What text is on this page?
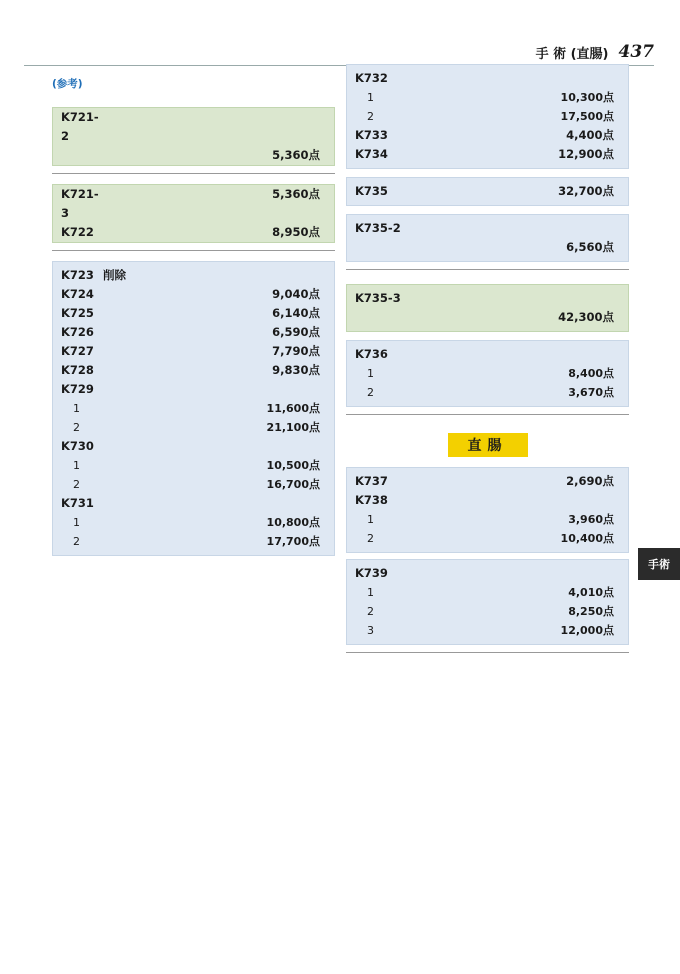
手 術 (直腸) 437
手術
(参考)
K721-2
5,360点
K721-3
5,360点
K722	8,950点
K723 削除
K724	9,040点
K725	6,140点
K726	6,590点
K727	7,790点
K728	9,830点
K729
1	11,600点
2	21,100点
K730
1	10,500点
2	16,700点
K731
1	10,800点
2	17,700点
K732
1	10,300点
2	17,500点
K733	4,400点
K734	12,900点
K735	32,700点
K735-2
6,560点
K735-3
42,300点
K736
1	8,400点
2	3,670点
直腸
K737	2,690点
K738
1	3,960点
2	10,400点
K739
1	4,010点
2	8,250点
3	12,000点
